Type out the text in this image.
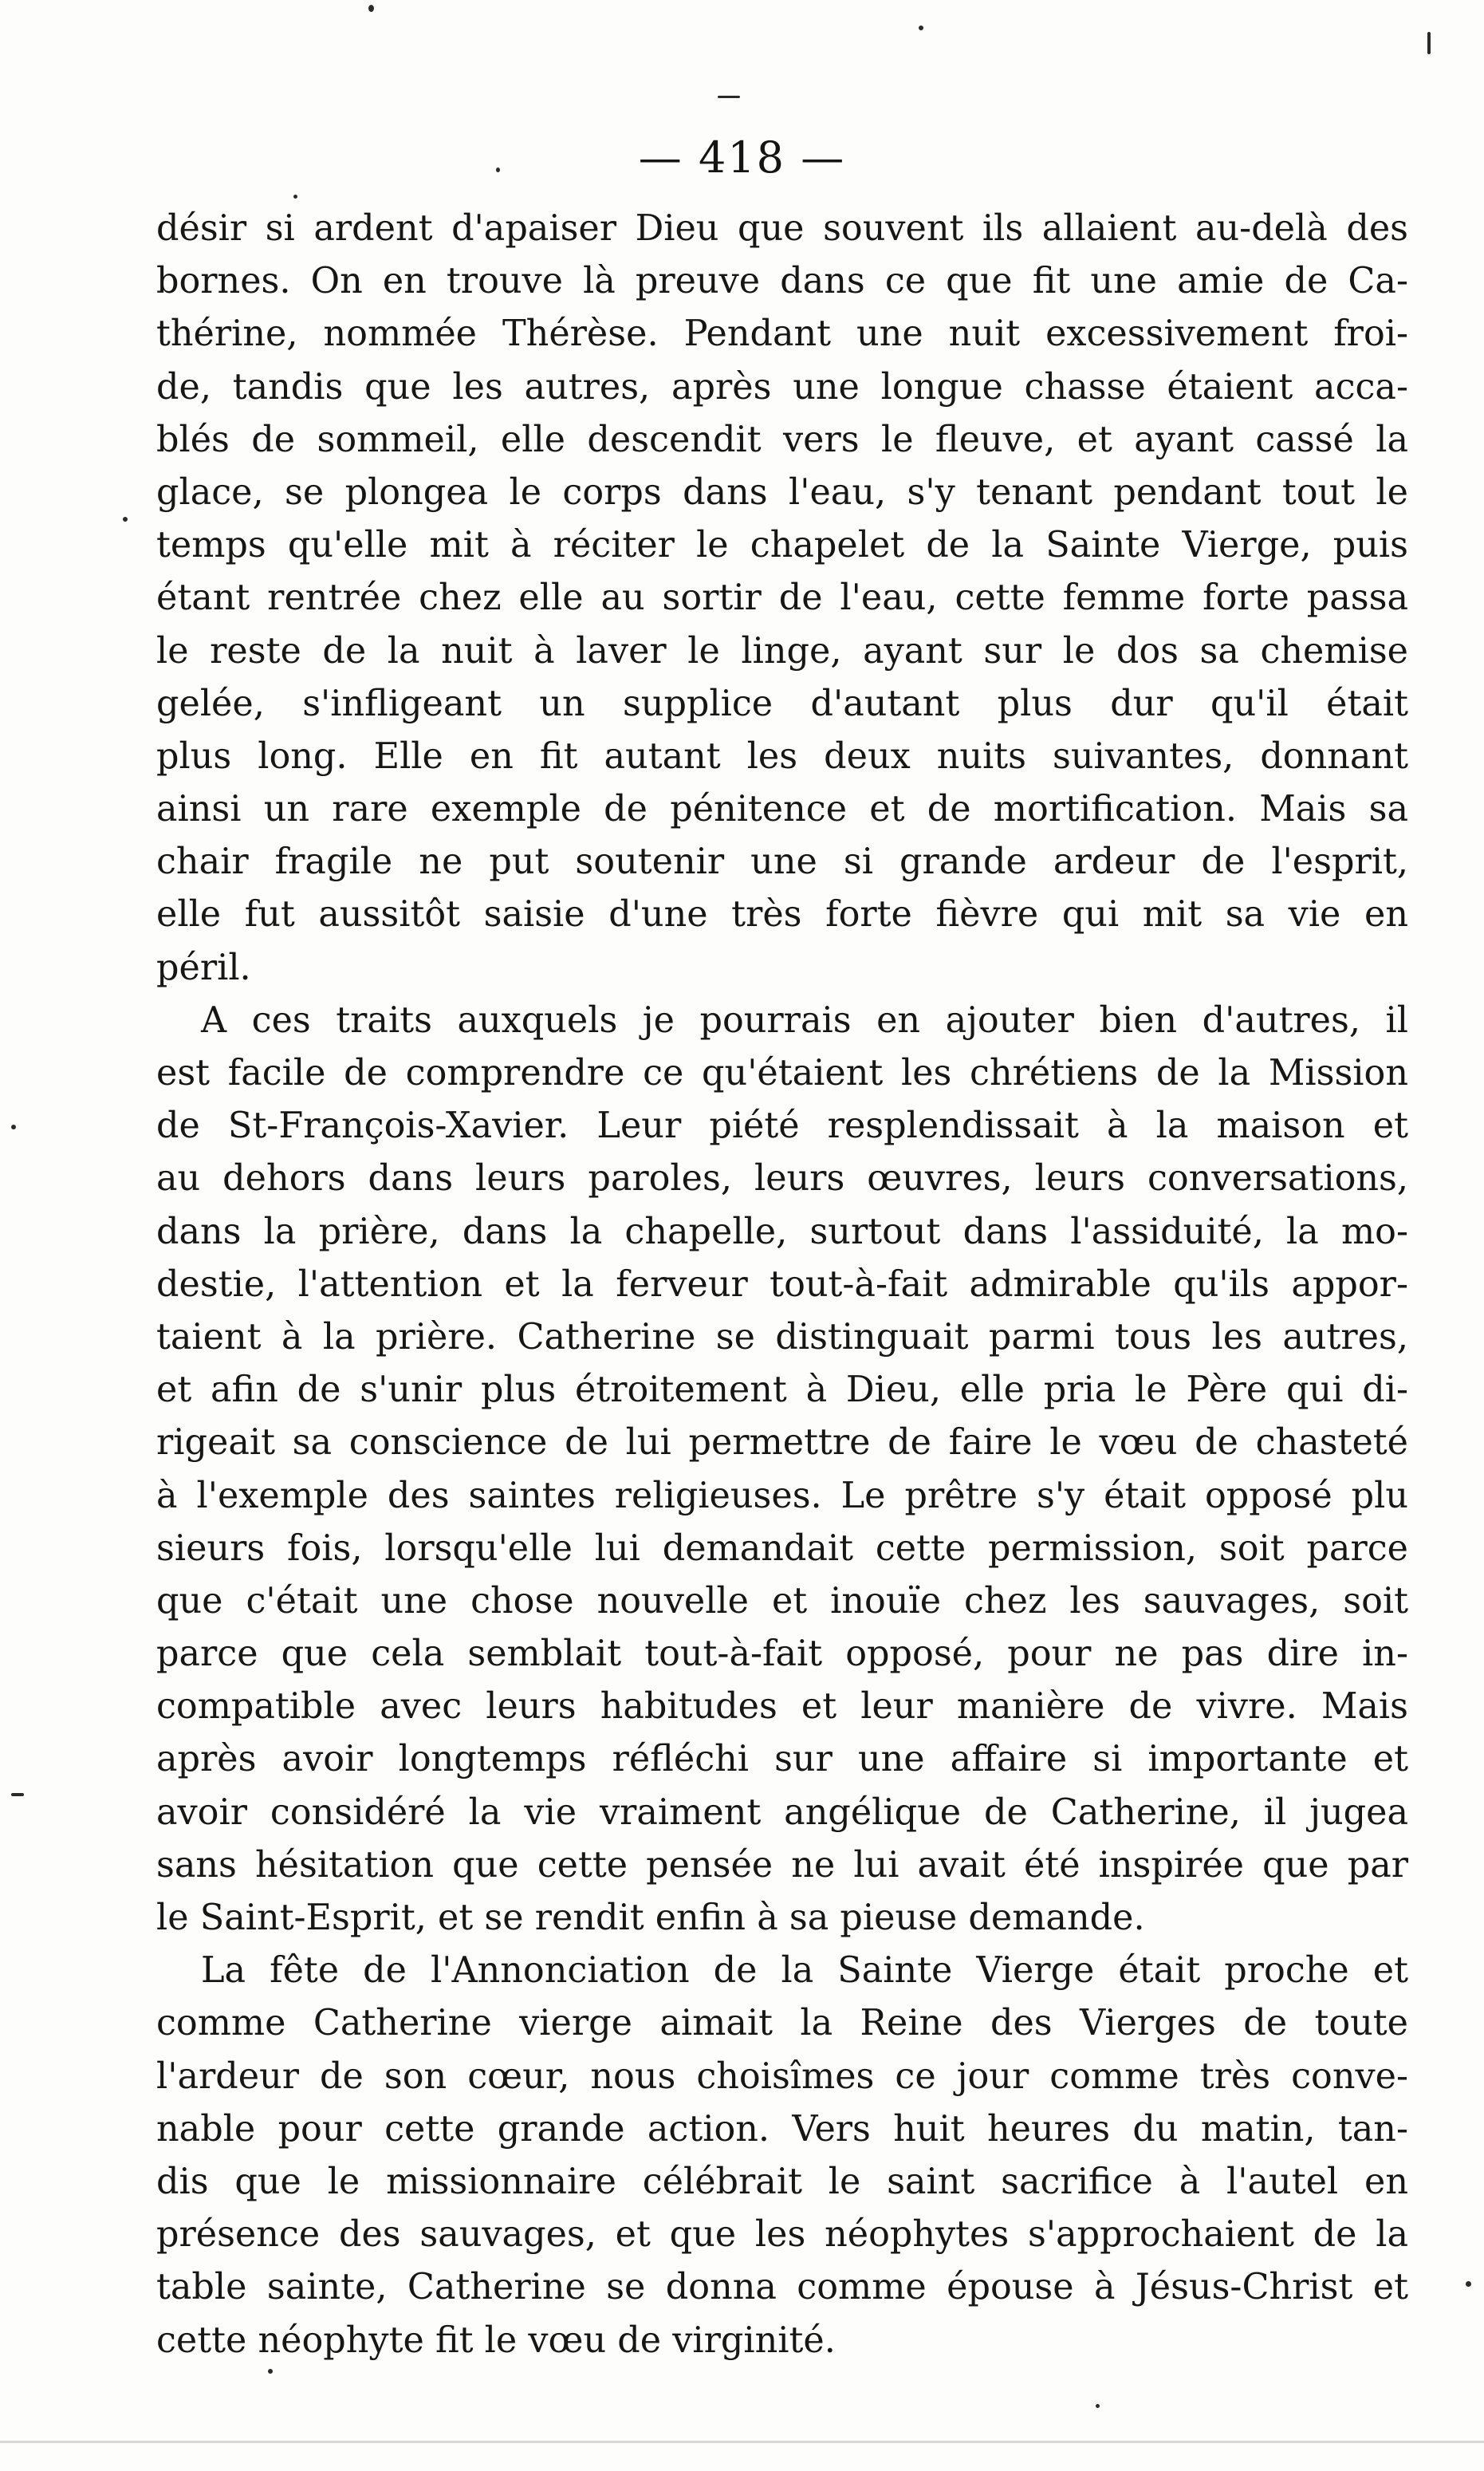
— 418 —
désir si ardent d'apaiser Dieu que souvent ils allaient au-delà des
bornes. On en trouve là preuve dans ce que fit une amie de Ca-
thérine, nommée Thérèse. Pendant une nuit excessivement froi-
de, tandis que les autres, après une longue chasse étaient acca-
blés de sommeil, elle descendit vers le fleuve, et ayant cassé la
glace, se plongea le corps dans l'eau, s'y tenant pendant tout le
temps qu'elle mit à réciter le chapelet de la Sainte Vierge, puis
étant rentrée chez elle au sortir de l'eau, cette femme forte passa
le reste de la nuit à laver le linge, ayant sur le dos sa chemise
gelée, s'infligeant un supplice d'autant plus dur qu'il était
plus long. Elle en fit autant les deux nuits suivantes, donnant
ainsi un rare exemple de pénitence et de mortification. Mais sa
chair fragile ne put soutenir une si grande ardeur de l'esprit,
elle fut aussitôt saisie d'une très forte fièvre qui mit sa vie en
péril.
A ces traits auxquels je pourrais en ajouter bien d'autres, il
est facile de comprendre ce qu'étaient les chrétiens de la Mission
de St-François-Xavier. Leur piété resplendissait à la maison et
au dehors dans leurs paroles, leurs œuvres, leurs conversations,
dans la prière, dans la chapelle, surtout dans l'assiduité, la mo-
destie, l'attention et la ferveur tout-à-fait admirable qu'ils appor-
taient à la prière. Catherine se distinguait parmi tous les autres,
et afin de s'unir plus étroitement à Dieu, elle pria le Père qui di-
rigeait sa conscience de lui permettre de faire le vœu de chasteté
à l'exemple des saintes religieuses. Le prêtre s'y était opposé plu
sieurs fois, lorsqu'elle lui demandait cette permission, soit parce
que c'était une chose nouvelle et inouïe chez les sauvages, soit
parce que cela semblait tout-à-fait opposé, pour ne pas dire in-
compatible avec leurs habitudes et leur manière de vivre. Mais
après avoir longtemps réfléchi sur une affaire si importante et
avoir considéré la vie vraiment angélique de Catherine, il jugea
sans hésitation que cette pensée ne lui avait été inspirée que par
le Saint-Esprit, et se rendit enfin à sa pieuse demande.
La fête de l'Annonciation de la Sainte Vierge était proche et
comme Catherine vierge aimait la Reine des Vierges de toute
l'ardeur de son cœur, nous choisîmes ce jour comme très conve-
nable pour cette grande action. Vers huit heures du matin, tan-
dis que le missionnaire célébrait le saint sacrifice à l'autel en
présence des sauvages, et que les néophytes s'approchaient de la
table sainte, Catherine se donna comme épouse à Jésus-Christ et
cette néophyte fit le vœu de virginité.
